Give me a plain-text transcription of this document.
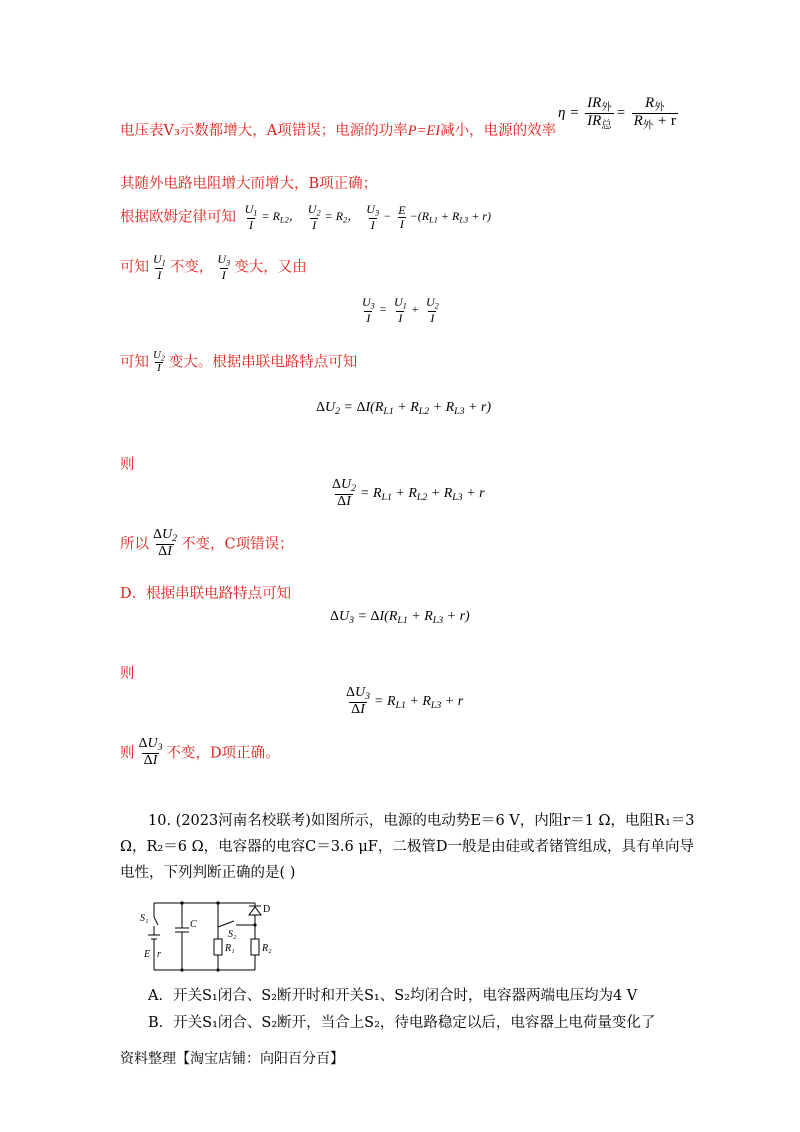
电压表V₃示数都增大，A项错误；电源的功率P=EI减小，电源的效率
$\eta = \frac{IR_外}{IR_总} = \frac{R_外}{R_外 + r}$
其随外电路电阻增大而增大，B项正确；
根据欧姆定律可知 $\frac{U_1}{I} = R_{L2}$， $\frac{U_2}{I} = R_2$， $\frac{U_3}{I} - \frac{E}{I} -(R_{L1} + R_{L3} + r)$
可知 $\frac{U_1}{I}$ 不变， $\frac{U_3}{I}$ 变大，又由
$\frac{U_3}{I} = \frac{U_1}{I} + \frac{U_2}{I}$
可知 $\frac{U_2}{I}$ 变大。根据串联电路特点可知
$\Delta U_2 = \Delta I(R_{L1} + R_{L2} + R_{L3} + r)$
则
$\frac{\Delta U_2}{\Delta I} = R_{L1} + R_{L2} + R_{L3} + r$
所以 $\frac{\Delta U_2}{\Delta I}$ 不变，C项错误；
D．根据串联电路特点可知
$\Delta U_3 = \Delta I(R_{L1} + R_{L3} + r)$
则
$\frac{\Delta U_3}{\Delta I} = R_{L1} + R_{L3} + r$
则 $\frac{\Delta U_3}{\Delta I}$ 不变，D项正确。
10. (2023河南名校联考)如图所示，电源的电动势E＝6 V，内阻r＝1 Ω，电阻R₁＝3
Ω，R₂＝6 Ω，电容器的电容C＝3.6 μF，二极管D一般是由硅或者锗管组成，具有单向导
电性，下列判断正确的是( )
S₁
C
D
S₂
R₁	R₂
E r
A．开关S₁闭合、S₂断开时和开关S₁、S₂均闭合时，电容器两端电压均为4 V
B．开关S₁闭合、S₂断开，当合上S₂，待电路稳定以后，电容器上电荷量变化了
资料整理【淘宝店铺：向阳百分百】
